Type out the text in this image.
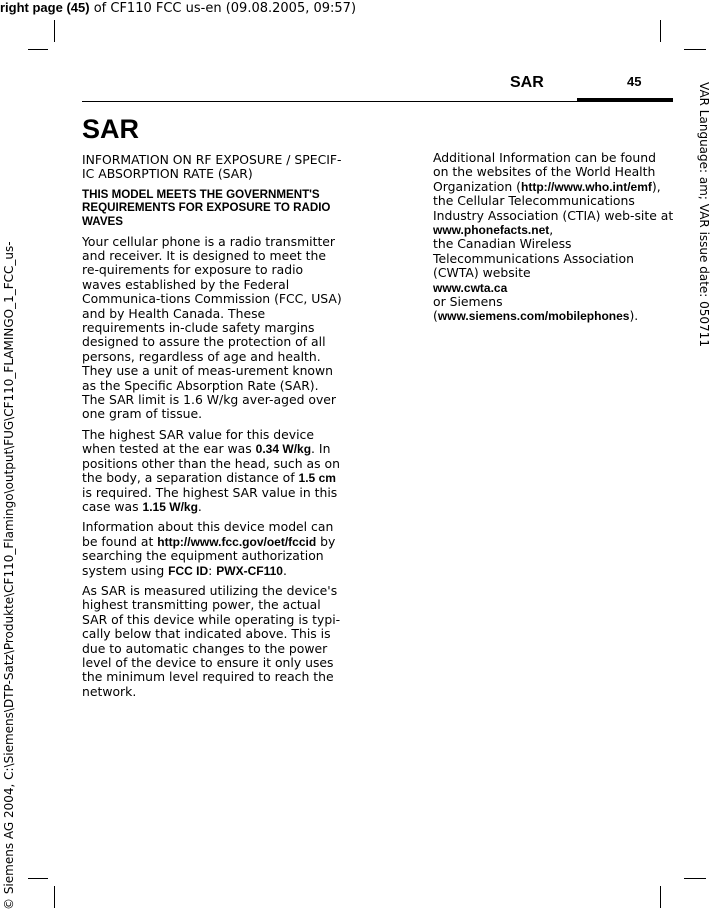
right page (45) of CF110 FCC us-en (09.08.2005, 09:57)
VAR Language: am; VAR issue date: 050711
© Siemens AG 2004, C:\Siemens\DTP-Satz\Produkte\CF110_Flamingo\output\FUG\CF110_FLAMINGO_1_FCC_us-
SAR	45
SAR

INFORMATION ON RF EXPOSURE / SPECIF-IC ABSORPTION RATE (SAR)

THIS MODEL MEETS THE GOVERNMENT'S REQUIREMENTS FOR EXPOSURE TO RADIO WAVES

Your cellular phone is a radio transmitter and receiver. It is designed to meet the re-quirements for exposure to radio waves established by the Federal Communica-tions Commission (FCC, USA) and by Health Canada. These requirements in-clude safety margins designed to assure the protection of all persons, regardless of age and health. They use a unit of meas-urement known as the Specific Absorption Rate (SAR). The SAR limit is 1.6 W/kg aver-aged over one gram of tissue.

The highest SAR value for this device when tested at the ear was 0.34 W/kg. In positions other than the head, such as on the body, a separation distance of 1.5 cm is required. The highest SAR value in this case was 1.15 W/kg.

Information about this device model can be found at http://www.fcc.gov/oet/fccid by searching the equipment authorization system using FCC ID: PWX-CF110.

As SAR is measured utilizing the device's highest transmitting power, the actual SAR of this device while operating is typi-cally below that indicated above. This is due to automatic changes to the power level of the device to ensure it only uses the minimum level required to reach the network.

Additional Information can be found on the websites of the World Health Organization (http://www.who.int/emf),
the Cellular Telecommunications Industry Association (CTIA) web-site at
www.phonefacts.net,
the Canadian Wireless Telecommunications Association (CWTA) website
www.cwta.ca
or Siemens
(www.siemens.com/mobilephones).
